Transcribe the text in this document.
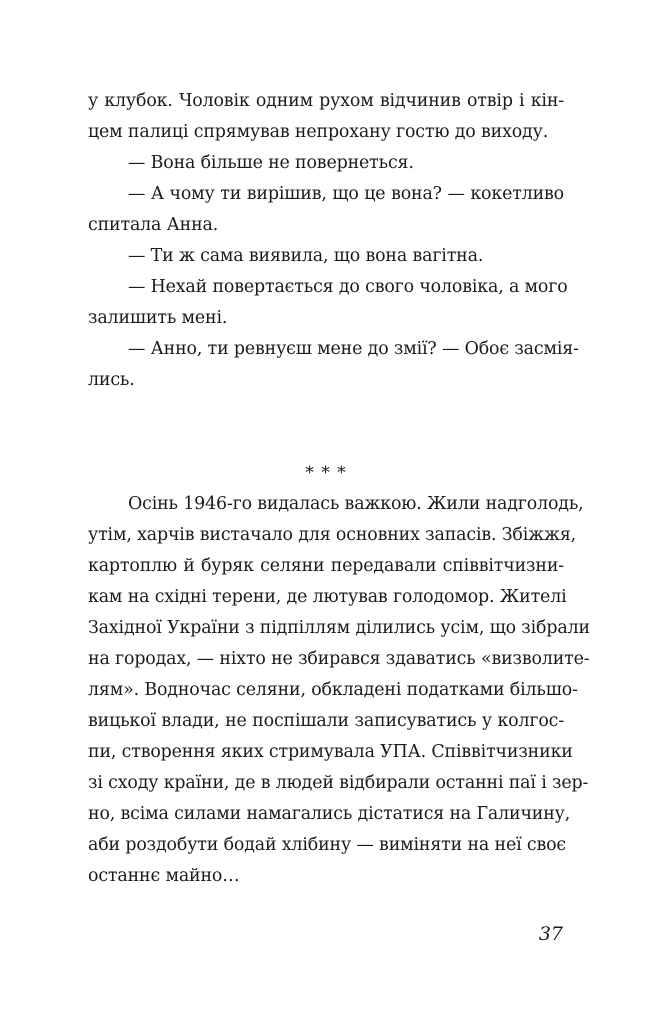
у клубок. Чоловік одним рухом відчинив отвір і кін-
цем палиці спрямував непрохану гостю до виходу.
— Вона більше не повернеться.
— А чому ти вирішив, що це вона? — кокетливо
спитала Анна.
— Ти ж сама виявила, що вона вагітна.
— Нехай повертається до свого чоловіка, а мого
залишить мені.
— Анно, ти ревнуєш мене до змії? — Обоє засмія-
лись.
* * *
Осінь 1946-го видалась важкою. Жили надголодь,
утім, харчів вистачало для основних запасів. Збіжжя,
картоплю й буряк селяни передавали співвітчизни-
кам на східні терени, де лютував голодомор. Жителі
Західної України з підпіллям ділились усім, що зібрали
на городах, — ніхто не збирався здаватись «визволите-
лям». Водночас селяни, обкладені податками більшо-
вицької влади, не поспішали записуватись у колгос-
пи, створення яких стримувала УПА. Співвітчизники
зі сходу країни, де в людей відбирали останні паї і зер-
но, всіма силами намагались дістатися на Галичину,
аби роздобути бодай хлібину — виміняти на неї своє
останнє майно…
37
